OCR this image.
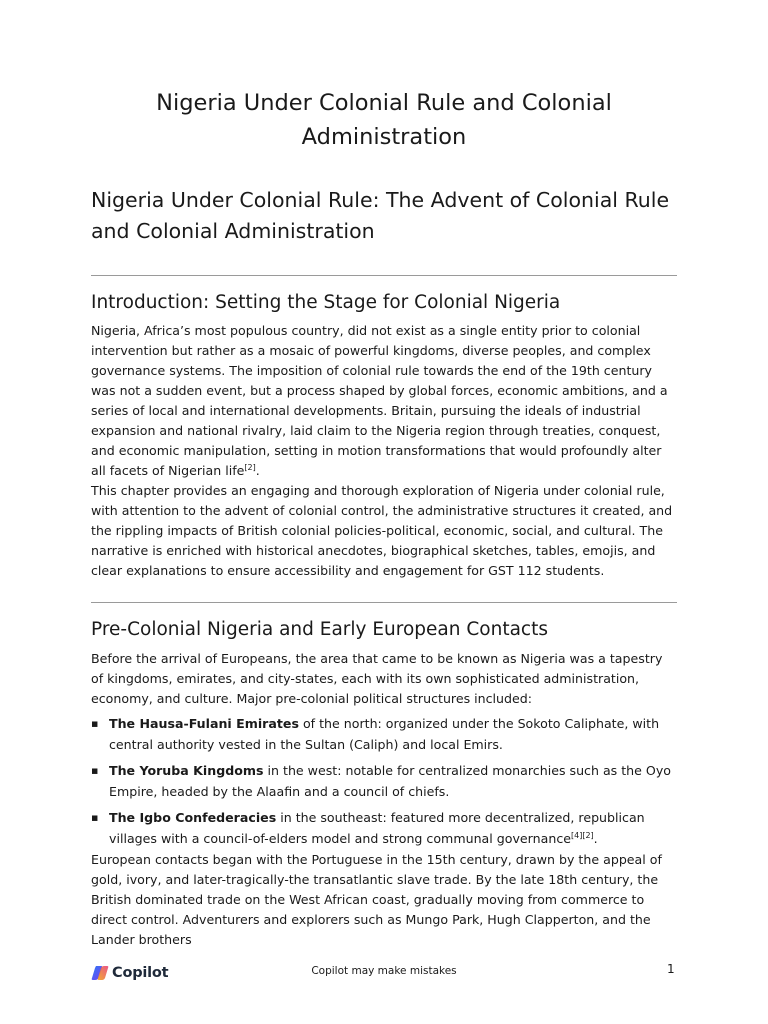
Nigeria Under Colonial Rule and Colonial Administration
Nigeria Under Colonial Rule: The Advent of Colonial Rule and Colonial Administration
Introduction: Setting the Stage for Colonial Nigeria
Nigeria, Africa’s most populous country, did not exist as a single entity prior to colonial intervention but rather as a mosaic of powerful kingdoms, diverse peoples, and complex governance systems. The imposition of colonial rule towards the end of the 19th century was not a sudden event, but a process shaped by global forces, economic ambitions, and a series of local and international developments. Britain, pursuing the ideals of industrial expansion and national rivalry, laid claim to the Nigeria region through treaties, conquest, and economic manipulation, setting in motion transformations that would profoundly alter all facets of Nigerian life[2].
This chapter provides an engaging and thorough exploration of Nigeria under colonial rule, with attention to the advent of colonial control, the administrative structures it created, and the rippling impacts of British colonial policies-political, economic, social, and cultural. The narrative is enriched with historical anecdotes, biographical sketches, tables, emojis, and clear explanations to ensure accessibility and engagement for GST 112 students.
Pre-Colonial Nigeria and Early European Contacts
Before the arrival of Europeans, the area that came to be known as Nigeria was a tapestry of kingdoms, emirates, and city-states, each with its own sophisticated administration, economy, and culture. Major pre-colonial political structures included:
▪ The Hausa-Fulani Emirates of the north: organized under the Sokoto Caliphate, with central authority vested in the Sultan (Caliph) and local Emirs.
▪ The Yoruba Kingdoms in the west: notable for centralized monarchies such as the Oyo Empire, headed by the Alaafin and a council of chiefs.
▪ The Igbo Confederacies in the southeast: featured more decentralized, republican villages with a council-of-elders model and strong communal governance[4][2].
European contacts began with the Portuguese in the 15th century, drawn by the appeal of gold, ivory, and later-tragically-the transatlantic slave trade. By the late 18th century, the British dominated trade on the West African coast, gradually moving from commerce to direct control. Adventurers and explorers such as Mungo Park, Hugh Clapperton, and the Lander brothers
Copilot	Copilot may make mistakes	1
